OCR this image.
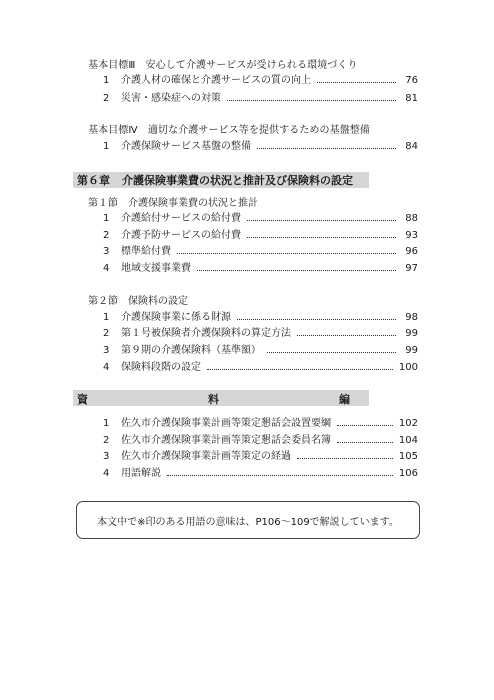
基本目標Ⅲ　安心して介護サービスが受けられる環境づくり
1	介護人材の確保と介護サービスの質の向上	76
2	災害・感染症への対策	81
基本目標Ⅳ　適切な介護サービス等を提供するための基盤整備
1	介護保険サービス基盤の整備	84
第６章 介護保険事業費の状況と推計及び保険料の設定
第１節	介護保険事業費の状況と推計
1	介護給付サービスの給付費	88
2	介護予防サービスの給付費	93
3	標準給付費	96
4	地域支援事業費	97
第２節	保険料の設定
1	介護保険事業に係る財源	98
2	第１号被保険者介護保険料の算定方法	99
3	第９期の介護保険料（基準額）	99
4	保険料段階の設定	100
資	料	編
1	佐久市介護保険事業計画等策定懇話会設置要綱	102
2	佐久市介護保険事業計画等策定懇話会委員名簿	104
3	佐久市介護保険事業計画等策定の経過	105
4	用語解説	106
本文中で※印のある用語の意味は、P106～109で解説しています。
